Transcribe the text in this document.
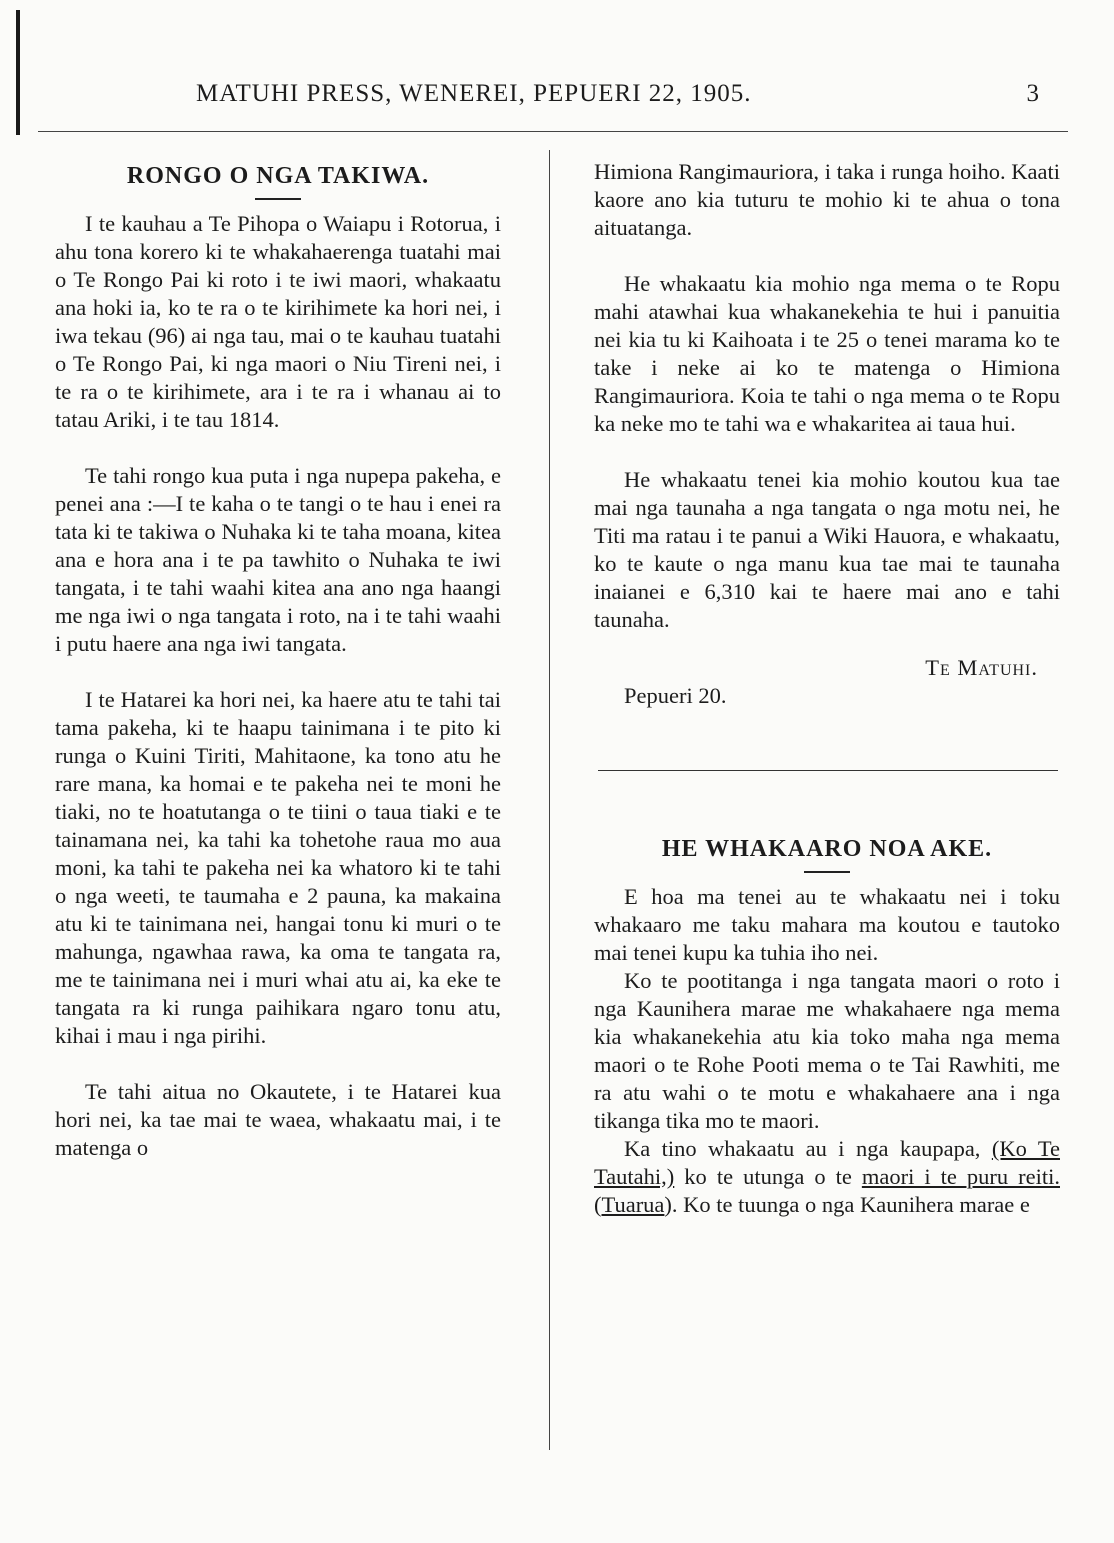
MATUHI PRESS, WENEREI, PEPUERI 22, 1905.	3
RONGO O NGA TAKIWA.

I te kauhau a Te Pihopa o Waiapu i Rotorua, i ahu tona korero ki te whakahaerenga tuatahi mai o Te Rongo Pai ki roto i te iwi maori, whakaatu ana hoki ia, ko te ra o te kirihimete ka hori nei, i iwa tekau (96) ai nga tau, mai o te kauhau tuatahi o Te Rongo Pai, ki nga maori o Niu Tireni nei, i te ra o te kirihimete, ara i te ra i whanau ai to tatau Ariki, i te tau 1814.

Te tahi rongo kua puta i nga nupepa pakeha, e penei ana :—I te kaha o te tangi o te hau i enei ra tata ki te takiwa o Nuhaka ki te taha moana, kitea ana e hora ana i te pa tawhito o Nuhaka te iwi tangata, i te tahi waahi kitea ana ano nga haangi me nga iwi o nga tangata i roto, na i te tahi waahi i putu haere ana nga iwi tangata.

I te Hatarei ka hori nei, ka haere atu te tahi tai tama pakeha, ki te haapu tainimana i te pito ki runga o Kuini Tiriti, Mahitaone, ka tono atu he rare mana, ka homai e te pakeha nei te moni he tiaki, no te hoatutanga o te tiini o taua tiaki e te tainamana nei, ka tahi ka tohetohe raua mo aua moni, ka tahi te pakeha nei ka whatoro ki te tahi o nga weeti, te taumaha e 2 pauna, ka makaina atu ki te tainimana nei, hangai tonu ki muri o te mahunga, ngawhaa rawa, ka oma te tangata ra, me te tainimana nei i muri whai atu ai, ka eke te tangata ra ki runga paihikara ngaro tonu atu, kihai i mau i nga pirihi.

Te tahi aitua no Okautete, i te Hatarei kua hori nei, ka tae mai te waea, whakaatu mai, i te matenga o

Himiona Rangimauriora, i taka i runga hoiho. Kaati kaore ano kia tuturu te mohio ki te ahua o tona aituatanga.

He whakaatu kia mohio nga mema o te Ropu mahi atawhai kua whakanekehia te hui i panuitia nei kia tu ki Kaihoata i te 25 o tenei marama ko te take i neke ai ko te matenga o Himiona Rangimauriora. Koia te tahi o nga mema o te Ropu ka neke mo te tahi wa e whakaritea ai taua hui.

He whakaatu tenei kia mohio koutou kua tae mai nga taunaha a nga tangata o nga motu nei, he Titi ma ratau i te panui a Wiki Hauora, e whakaatu, ko te kaute o nga manu kua tae mai te taunaha inaianei e 6,310 kai te haere mai ano e tahi taunaha.

Te Matuhi.
Pepueri 20.
HE WHAKAARO NOA AKE.

E hoa ma tenei au te whakaatu nei i toku whakaaro me taku mahara ma koutou e tautoko mai tenei kupu ka tuhia iho nei.

Ko te pootitanga i nga tangata maori o roto i nga Kaunihera marae me whakahaere nga mema kia whakanekehia atu kia toko maha nga mema maori o te Rohe Pooti mema o te Tai Rawhiti, me ra atu wahi o te motu e whakahaere ana i nga tikanga tika mo te maori.

Ka tino whakaatu au i nga kaupapa, (Ko Te Tautahi,) ko te utunga o te maori i te puru reiti. (Tuarua). Ko te tuunga o nga Kaunihera marae e
